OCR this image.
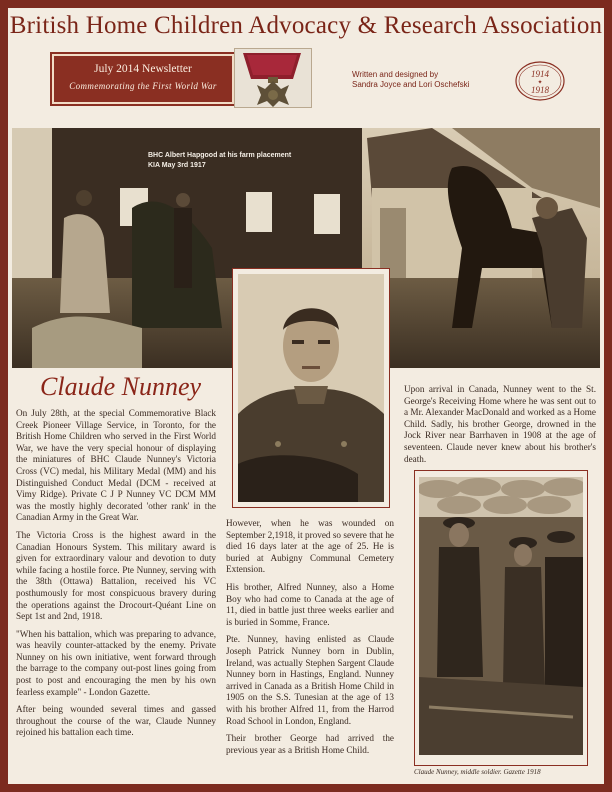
British Home Children Advocacy & Research Association
July 2014 Newsletter
Commemorating the First World War
Written and designed by
Sandra Joyce and Lori Oschefski
1914
✦
1918
BHC Albert Hapgood at his farm placement
KIA May 3rd 1917
Claude Nunney

On July 28th, at the special Commemorative Black Creek Pioneer Village Service, in Toronto, for the British Home Children who served in the First World War, we have the very special honour of displaying the miniatures of BHC Claude Nunney's Victoria Cross (VC) medal, his Military Medal (MM) and his Distinguished Conduct Medal (DCM - received at Vimy Ridge). Private C J P Nunney VC DCM MM was the mostly highly decorated 'other rank' in the Canadian Army in the Great War.

The Victoria Cross is the highest award in the Canadian Honours System. This military award is given for extraordinary valour and devotion to duty while facing a hostile force. Pte Nunney, serving with the 38th (Ottawa) Battalion, received his VC posthumously for most conspicuous bravery during the operations against the Drocourt-Quéant Line on Sept 1st and 2nd, 1918.

"When his battalion, which was preparing to advance, was heavily counter-attacked by the enemy. Private Nunney on his own initiative, went forward through the barrage to the company out-post lines going from post to post and encouraging the men by his own fearless example" - London Gazette.

After being wounded several times and gassed throughout the course of the war, Claude Nunney rejoined his battalion each time.

However, when he was wounded on September 2,1918, it proved so severe that he died 16 days later at the age of 25. He is buried at Aubigny Communal Cemetery Extension.

His brother, Alfred Nunney, also a Home Boy who had come to Canada at the age of 11, died in battle just three weeks earlier and is buried in Somme, France.

Pte. Nunney, having enlisted as Claude Joseph Patrick Nunney born in Dublin, Ireland, was actually Stephen Sargent Claude Nunney born in Hastings, England. Nunney arrived in Canada as a British Home Child in 1905 on the S.S. Tunesian at the age of 13 with his brother Alfred 11, from the Harrod Road School in London, England.

Their brother George had arrived the previous year as a British Home Child.

Upon arrival in Canada, Nunney went to the St. George's Receiving Home where he was sent out to a Mr. Alexander MacDonald and worked as a Home Child. Sadly, his brother George, drowned in the Jock River near Barrhaven in 1908 at the age of seventeen. Claude never knew about his brother's death.

Claude Nunney, middle soldier. Gazette 1918
